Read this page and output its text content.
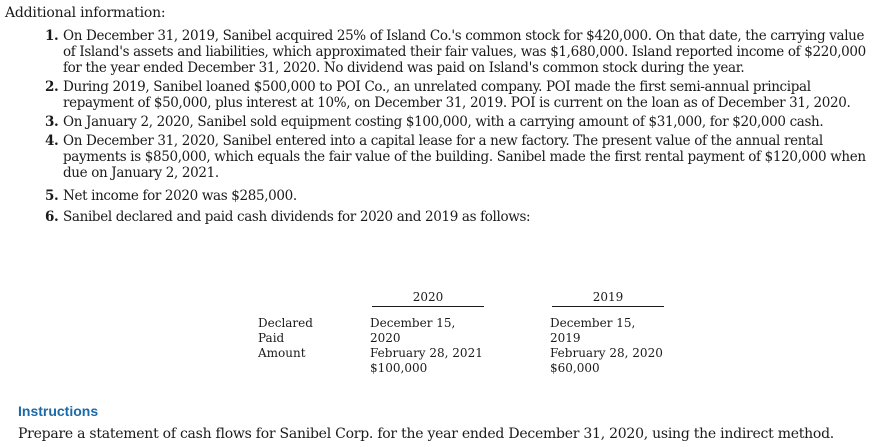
Additional information:
1. On December 31, 2019, Sanibel acquired 25% of Island Co.'s common stock for $420,000. On that date, the carrying value of Island's assets and liabilities, which approximated their fair values, was $1,680,000. Island reported income of $220,000 for the year ended December 31, 2020. No dividend was paid on Island's common stock during the year.
2. During 2019, Sanibel loaned $500,000 to POI Co., an unrelated company. POI made the first semi-annual principal repayment of $50,000, plus interest at 10%, on December 31, 2019. POI is current on the loan as of December 31, 2020.
3. On January 2, 2020, Sanibel sold equipment costing $100,000, with a carrying amount of $31,000, for $20,000 cash.
4. On December 31, 2020, Sanibel entered into a capital lease for a new factory. The present value of the annual rental payments is $850,000, which equals the fair value of the building. Sanibel made the first rental payment of $120,000 when due on January 2, 2021.
5. Net income for 2020 was $285,000.
6. Sanibel declared and paid cash dividends for 2020 and 2019 as follows:
Declared
Paid
Amount
2020
December 15, 2020
February 28, 2021
$100,000
2019
December 15, 2019
February 28, 2020
$60,000
Instructions
Prepare a statement of cash flows for Sanibel Corp. for the year ended December 31, 2020, using the indirect method.
